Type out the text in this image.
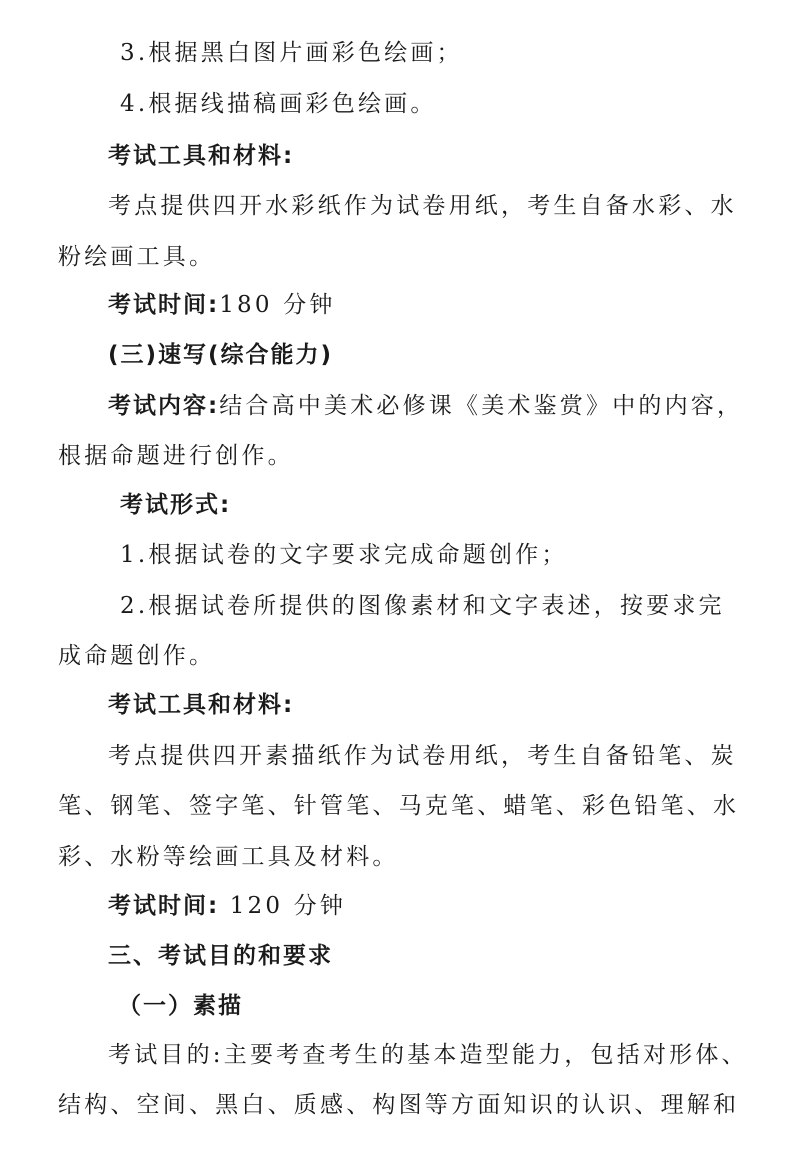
3.根据黑白图片画彩色绘画；
4.根据线描稿画彩色绘画。
考试工具和材料:
考点提供四开水彩纸作为试卷用纸，考生自备水彩、水
粉绘画工具。
考试时间:180 分钟
(三)速写(综合能力)
考试内容:结合高中美术必修课《美术鉴赏》中的内容，
根据命题进行创作。
考试形式:
1.根据试卷的文字要求完成命题创作；
2.根据试卷所提供的图像素材和文字表述，按要求完
成命题创作。
考试工具和材料:
考点提供四开素描纸作为试卷用纸，考生自备铅笔、炭
笔、钢笔、签字笔、针管笔、马克笔、蜡笔、彩色铅笔、水
彩、水粉等绘画工具及材料。
考试时间: 120 分钟
三、考试目的和要求
（一）素描
考试目的:主要考查考生的基本造型能力，包括对形体、
结构、空间、黑白、质感、构图等方面知识的认识、理解和
